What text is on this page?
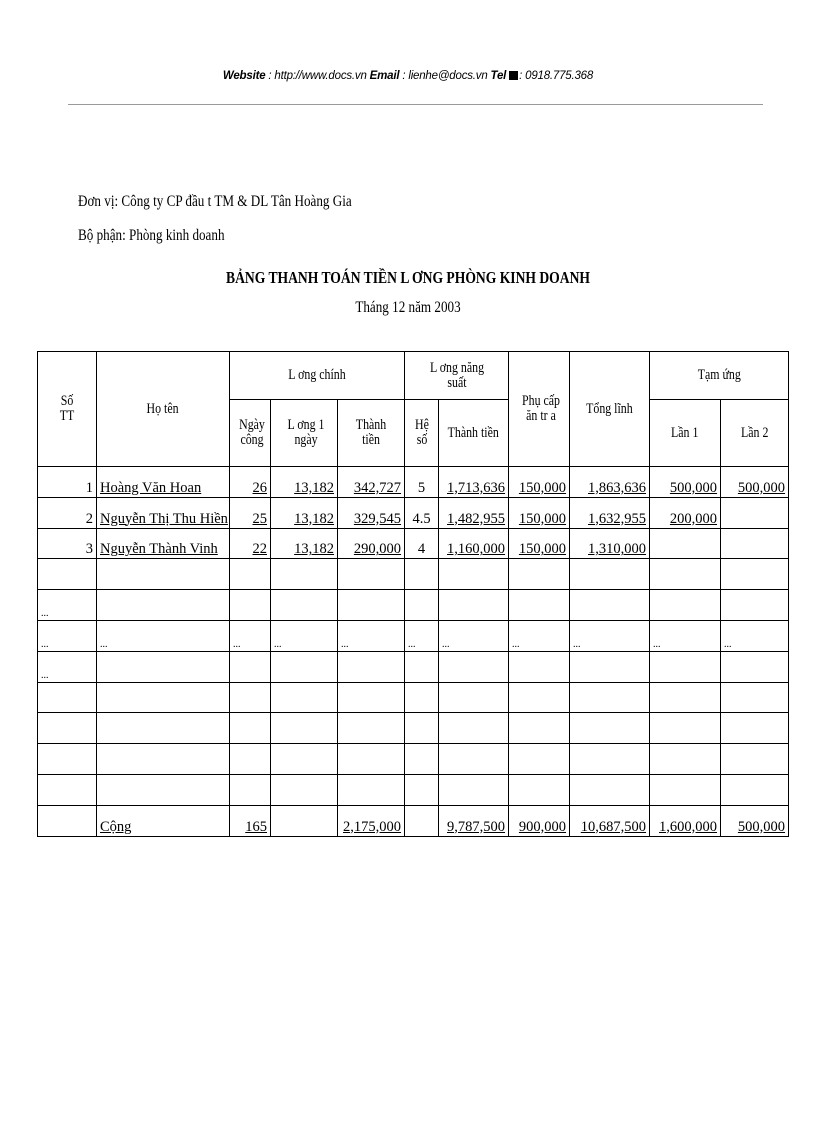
Website : http://www.docs.vn Email : lienhe@docs.vn Tel : 0918.775.368
Đơn vị: Công ty CP đầu t TM & DL Tân Hoàng Gia
Bộ phận: Phòng kinh doanh
BẢNG THANH TOÁN TIỀN L ƠNG PHÒNG KINH DOANH
Tháng 12 năm 2003
Số TT	Họ tên	L ơng chính			L ơng năng suất		Phụ cấp ăn tr a	Tổng lĩnh	Tạm ứng	
		Ngày công	L ơng 1 ngày	Thành tiền	Hệ số	Thành tiền			Lần 1	Lần 2
1	Hoàng Văn Hoan	26	13,182	342,727	5	1,713,636	150,000	1,863,636	500,000	500,000
2	Nguyễn Thị Thu Hiền	25	13,182	329,545	4.5	1,482,955	150,000	1,632,955	200,000	
3	Nguyễn Thành Vinh	22	13,182	290,000	4	1,160,000	150,000	1,310,000		

...										
...	...	...	...	...	...	...	...	...	...	...
...										

	Cộng	165		2,175,000		9,787,500	900,000	10,687,500	1,600,000	500,000
